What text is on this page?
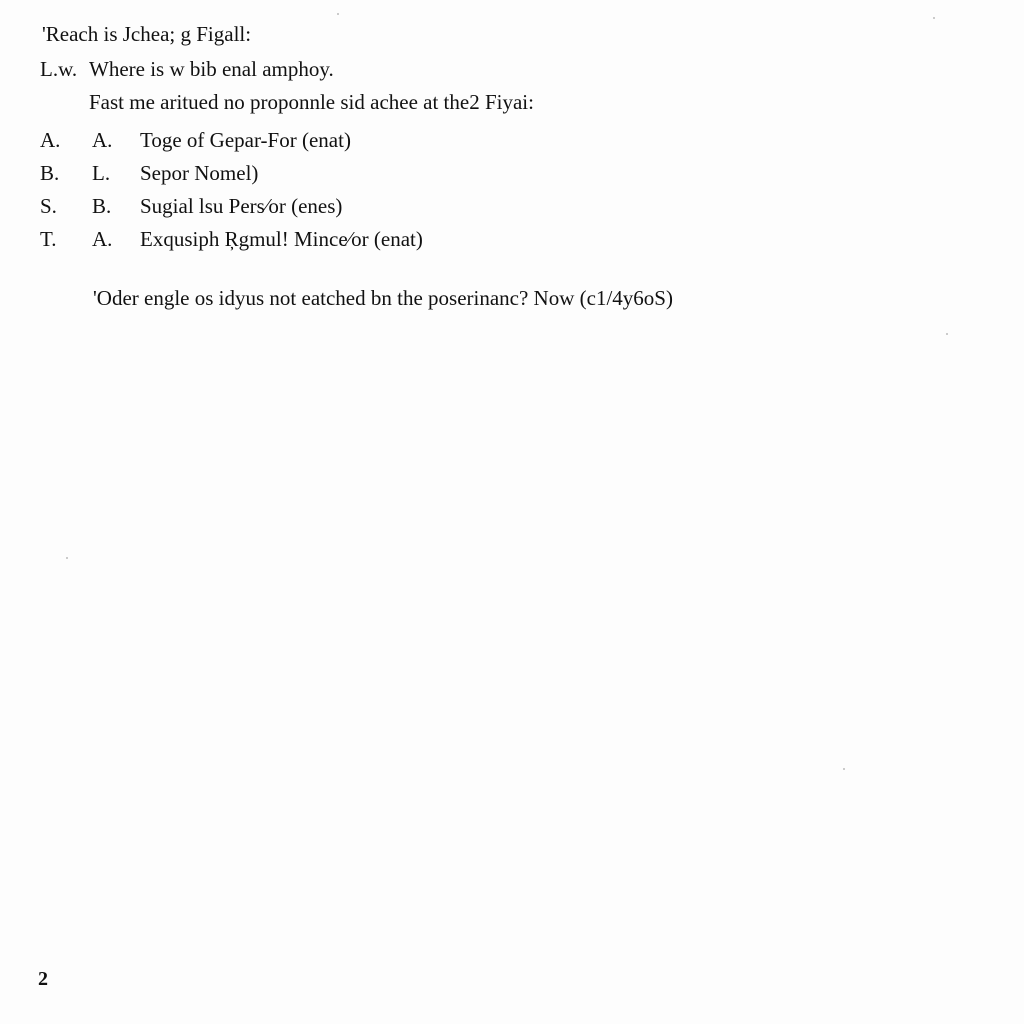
'Reach is Jchea; g Figall:
L.w. Where is w bib enal amphoy.
Fast me aritued no proponnle sid achee at the2 Fiyai:
A. A. Toge of Gepar-For (enat)
B. L. Sepor Nomel)
S. B. Sugial lsu Pers⁄or (enes)
T. A. Exqusiph Ŗgmul! Mince⁄or (enat)
'Oder engle os idyus not eatched bn the poserinanc? Now (c1/4y6oS)
2
